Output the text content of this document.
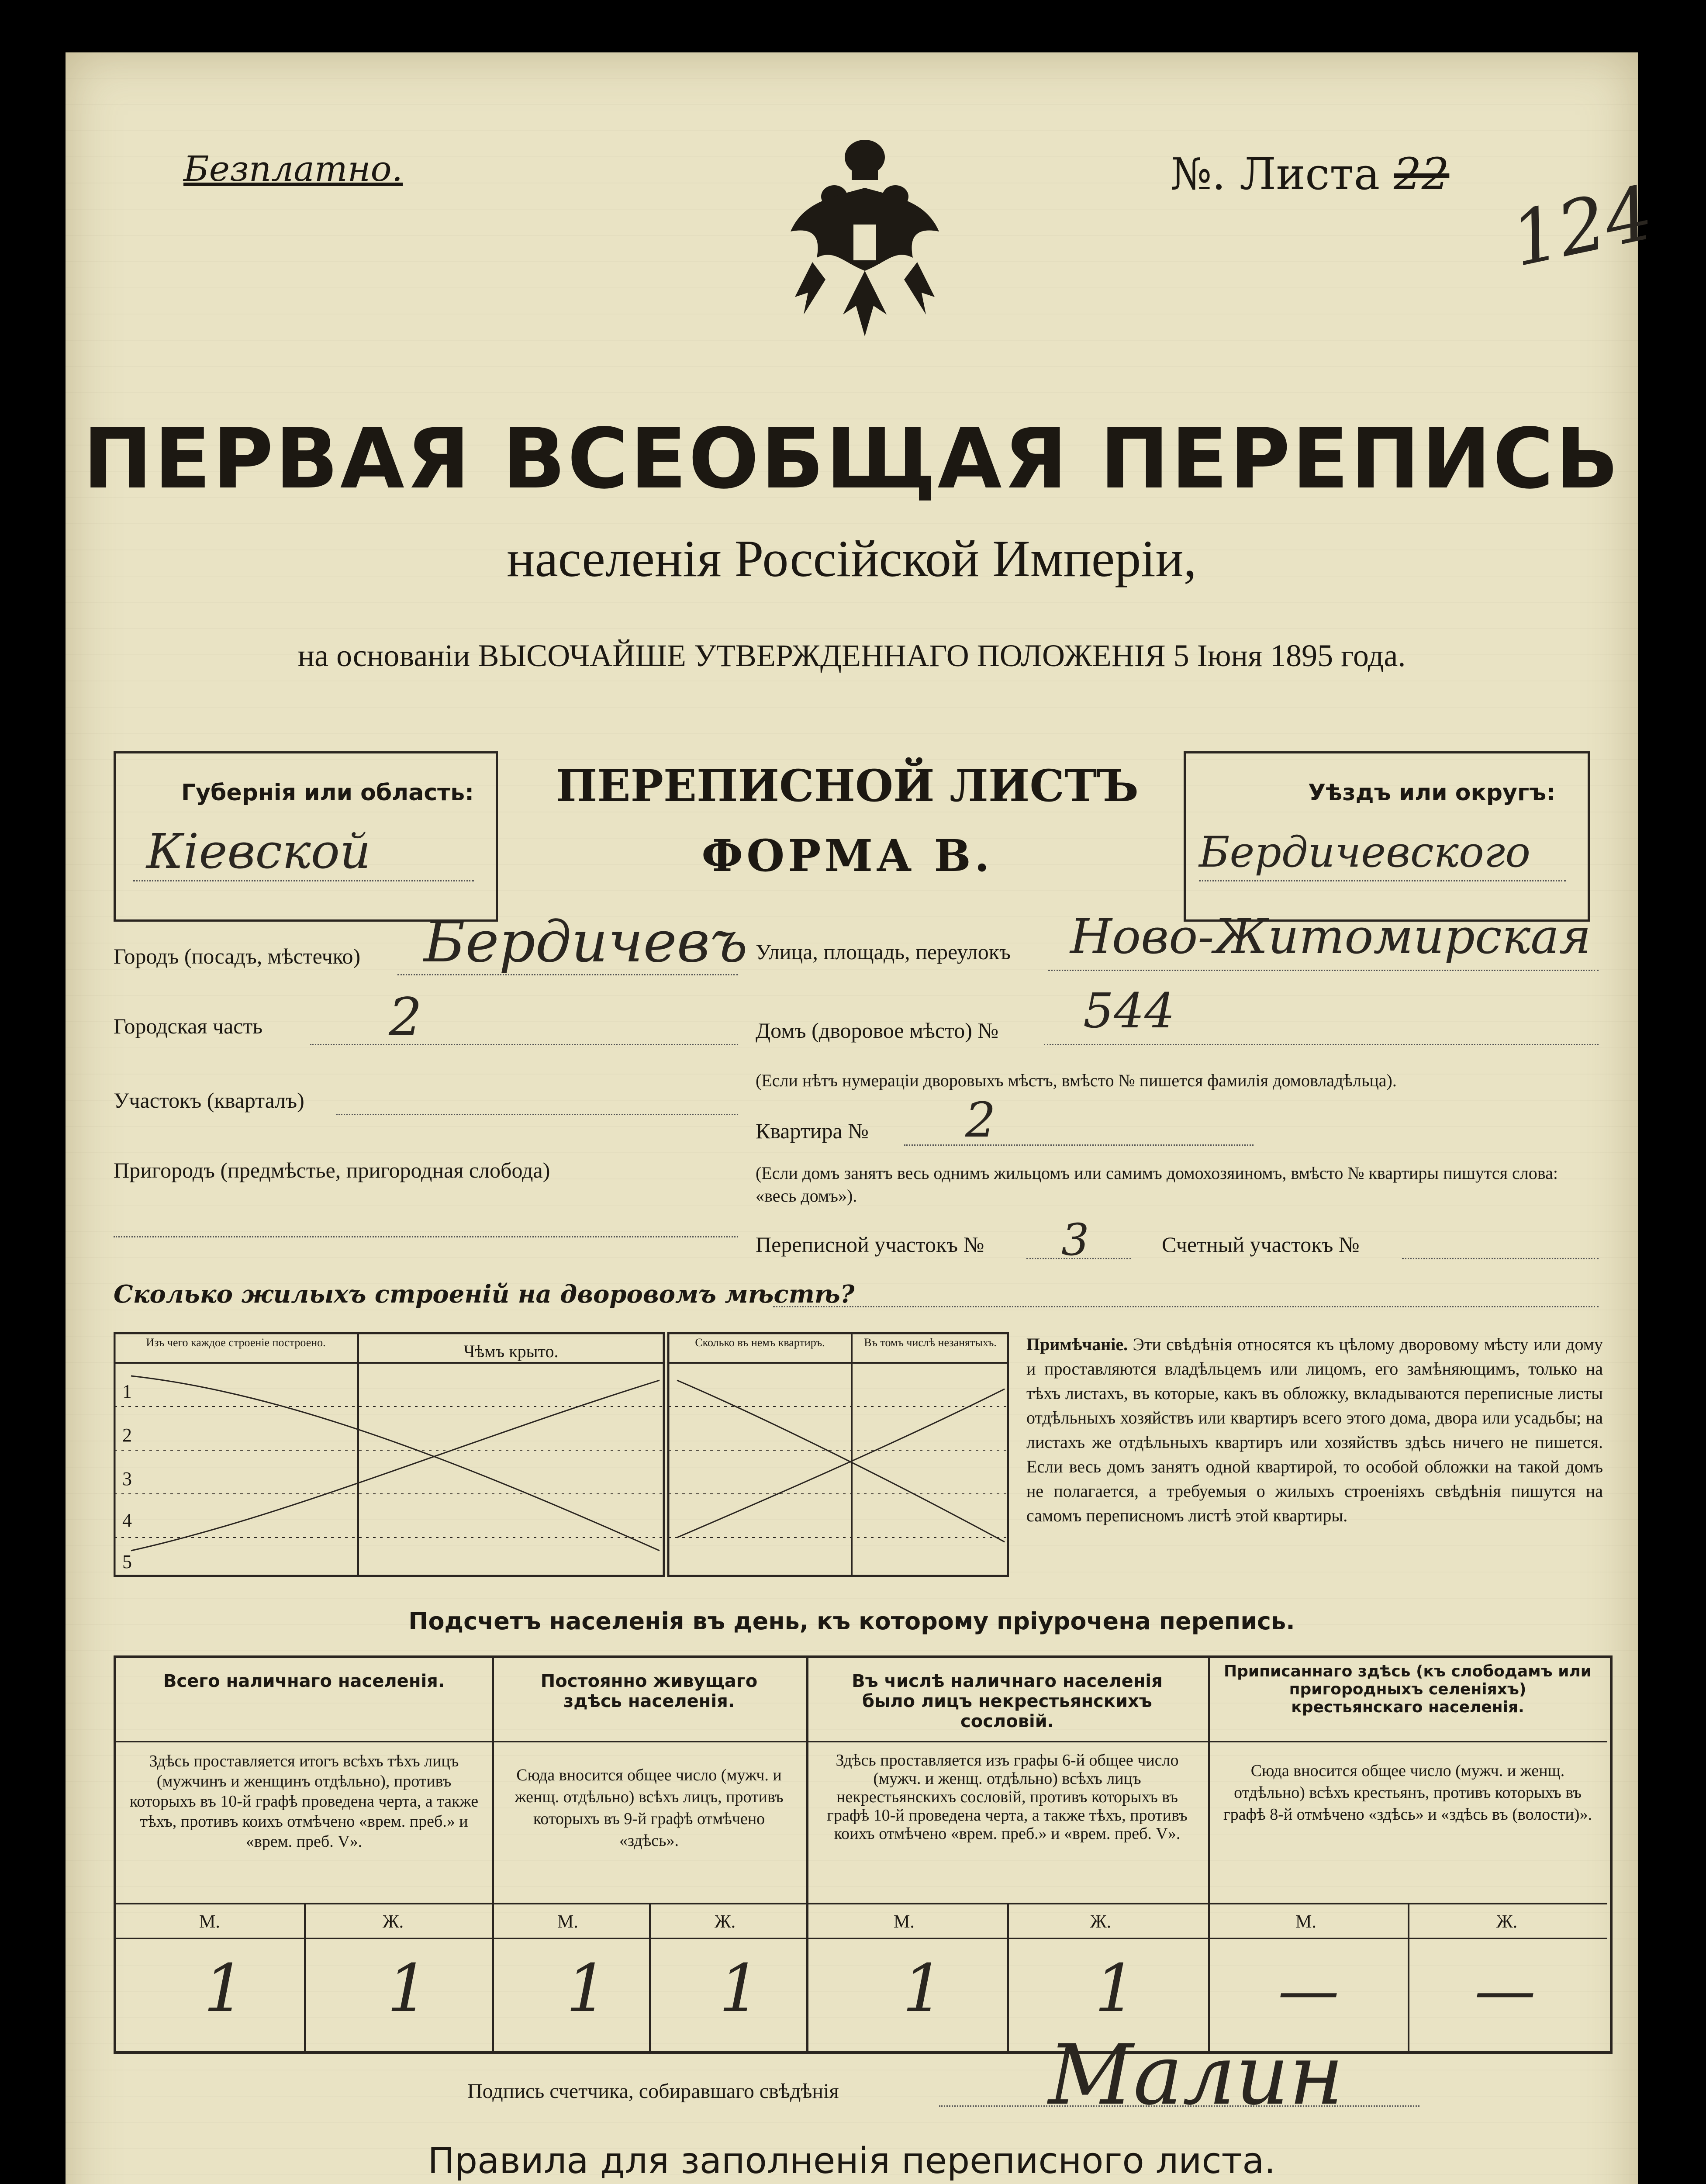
Безплатно.	№. Листа 22 124
ПЕРВАЯ ВСЕОБЩАЯ ПЕРЕПИСЬ
населенія Россійской Имперіи,
на основаніи ВЫСОЧАЙШЕ УТВЕРЖДЕННАГО ПОЛОЖЕНІЯ 5 Іюня 1895 года.
Губернія или область:
Кіевской
ПЕРЕПИСНОЙ ЛИСТЪ
ФОРМА В.
Уѣздъ или округъ:
Бердичевского
Городъ (посадъ, мѣстечко) Бердичевъ
Городская часть 2
Участокъ (кварталъ)
Пригородъ (предмѣстье, пригородная слобода)
Улица, площадь, переулокъ Ново-Житомирская
Домъ (дворовое мѣсто) № 544
(Если нѣтъ нумераціи дворовыхъ мѣстъ, вмѣсто № пишется фамилія домовладѣльца).
Квартира № 2
(Если домъ занятъ весь однимъ жильцомъ или самимъ домохозяиномъ, вмѣсто № квартиры пишутся слова: «весь домъ»).
Переписной участокъ № 3	Счетный участокъ №
Сколько жилыхъ строеній на дворовомъ мѣстѣ?
Изъ чего каждое строеніе построено.	Чѣмъ крыто.	Сколько въ немъ квартиръ.	Въ томъ числѣ незанятыхъ.
1
2
3
4
5

Примѣчаніе. Эти свѣдѣнія относятся къ цѣлому дворовому мѣсту или дому и проставляются владѣльцемъ или лицомъ, его замѣняющимъ, только на тѣхъ листахъ, въ которые, какъ въ обложку, вкладываются переписные листы отдѣльныхъ хозяйствъ или квартиръ всего этого дома, двора или усадьбы; на листахъ же отдѣльныхъ квартиръ или хозяйствъ здѣсь ничего не пишется. Если весь домъ занятъ одной квартирой, то особой обложки на такой домъ не полагается, а требуемыя о жилыхъ строеніяхъ свѣдѣнія пишутся на самомъ переписномъ листѣ этой квартиры.

Подсчетъ населенія въ день, къ которому пріурочена перепись.
Всего наличнаго населенія.
Здѣсь проставляется итогъ всѣхъ тѣхъ лицъ (мужчинъ и женщинъ отдѣльно), противъ которыхъ въ 10-й графѣ проведена черта, а также тѣхъ, противъ коихъ отмѣчено «врем. преб.» и «врем. преб. V».
Постоянно живущаго здѣсь населенія.
Сюда вносится общее число (мужч. и женщ. отдѣльно) всѣхъ лицъ, противъ которыхъ въ 9-й графѣ отмѣчено «здѣсь».
Въ числѣ наличнаго населенія было лицъ некрестьянскихъ сословій.
Здѣсь проставляется изъ графы 6-й общее число (мужч. и женщ. отдѣльно) всѣхъ лицъ некрестьянскихъ сословій, противъ которыхъ въ графѣ 10-й проведена черта, а также тѣхъ, противъ коихъ отмѣчено «врем. преб.» и «врем. преб. V».
Приписаннаго здѣсь (къ слободамъ или пригородныхъ селеніяхъ) крестьянскаго населенія.
Сюда вносится общее число (мужч. и женщ. отдѣльно) всѣхъ крестьянъ, противъ которыхъ въ графѣ 8-й отмѣчено «здѣсь» и «здѣсь въ (волости)».
М.	Ж.	М.	Ж.	М.	Ж.	М.	Ж.
1 1 1 1 1 1 — —
Подпись счетчика, собиравшаго свѣдѣнія	Малин
Правила для заполненія переписного листа.
